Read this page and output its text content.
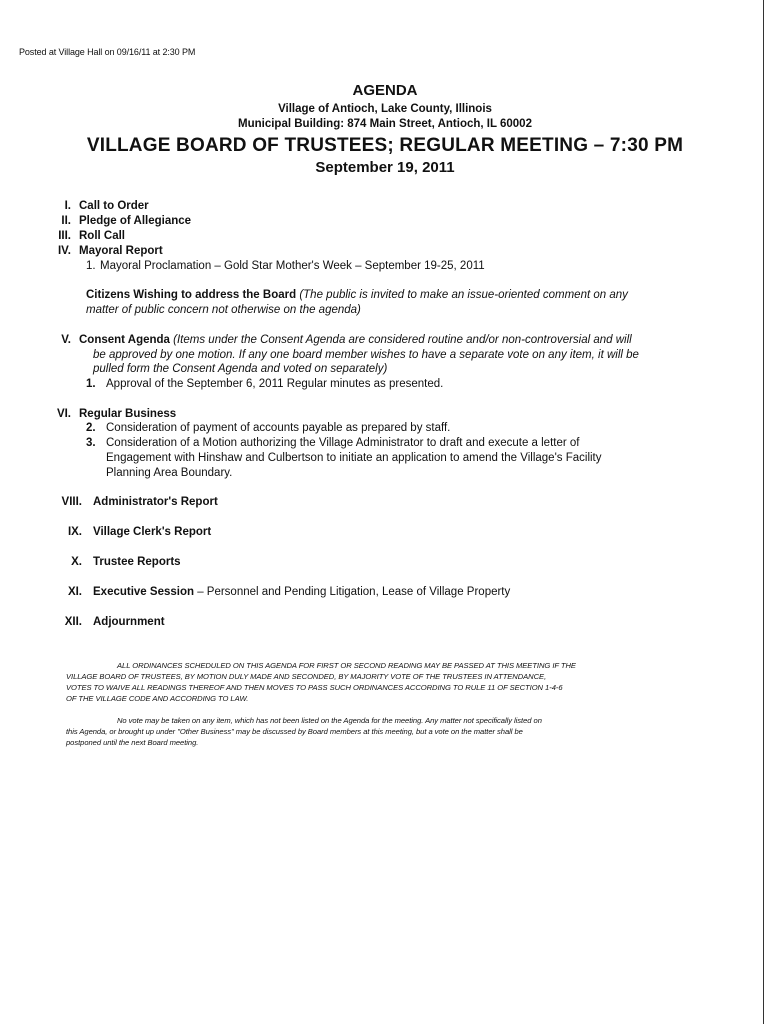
Posted at Village Hall on 09/16/11 at 2:30 PM
AGENDA
Village of Antioch, Lake County, Illinois
Municipal Building: 874 Main Street, Antioch, IL 60002
VILLAGE BOARD OF TRUSTEES; REGULAR MEETING – 7:30 PM
September 19, 2011
I. Call to Order
II. Pledge of Allegiance
III. Roll Call
IV. Mayoral Report
1. Mayoral Proclamation – Gold Star Mother's Week – September 19-25, 2011
Citizens Wishing to address the Board (The public is invited to make an issue-oriented comment on any
matter of public concern not otherwise on the agenda)
V. Consent Agenda (Items under the Consent Agenda are considered routine and/or non-controversial and will
be approved by one motion. If any one board member wishes to have a separate vote on any item, it will be
pulled form the Consent Agenda and voted on separately)
1. Approval of the September 6, 2011 Regular minutes as presented.
VI. Regular Business
2. Consideration of payment of accounts payable as prepared by staff.
3. Consideration of a Motion authorizing the Village Administrator to draft and execute a letter of
Engagement with Hinshaw and Culbertson to initiate an application to amend the Village's Facility
Planning Area Boundary.
VIII. Administrator's Report
IX. Village Clerk's Report
X. Trustee Reports
XI. Executive Session – Personnel and Pending Litigation, Lease of Village Property
XII. Adjournment
ALL ORDINANCES SCHEDULED ON THIS AGENDA FOR FIRST OR SECOND READING MAY BE PASSED AT THIS MEETING IF THE
VILLAGE BOARD OF TRUSTEES, BY MOTION DULY MADE AND SECONDED, BY MAJORITY VOTE OF THE TRUSTEES IN ATTENDANCE,
VOTES TO WAIVE ALL READINGS THEREOF AND THEN MOVES TO PASS SUCH ORDINANCES ACCORDING TO RULE 11 OF SECTION 1-4-6
OF THE VILLAGE CODE AND ACCORDING TO LAW.
No vote may be taken on any item, which has not been listed on the Agenda for the meeting. Any matter not specifically listed on
this Agenda, or brought up under "Other Business" may be discussed by Board members at this meeting, but a vote on the matter shall be
postponed until the next Board meeting.
